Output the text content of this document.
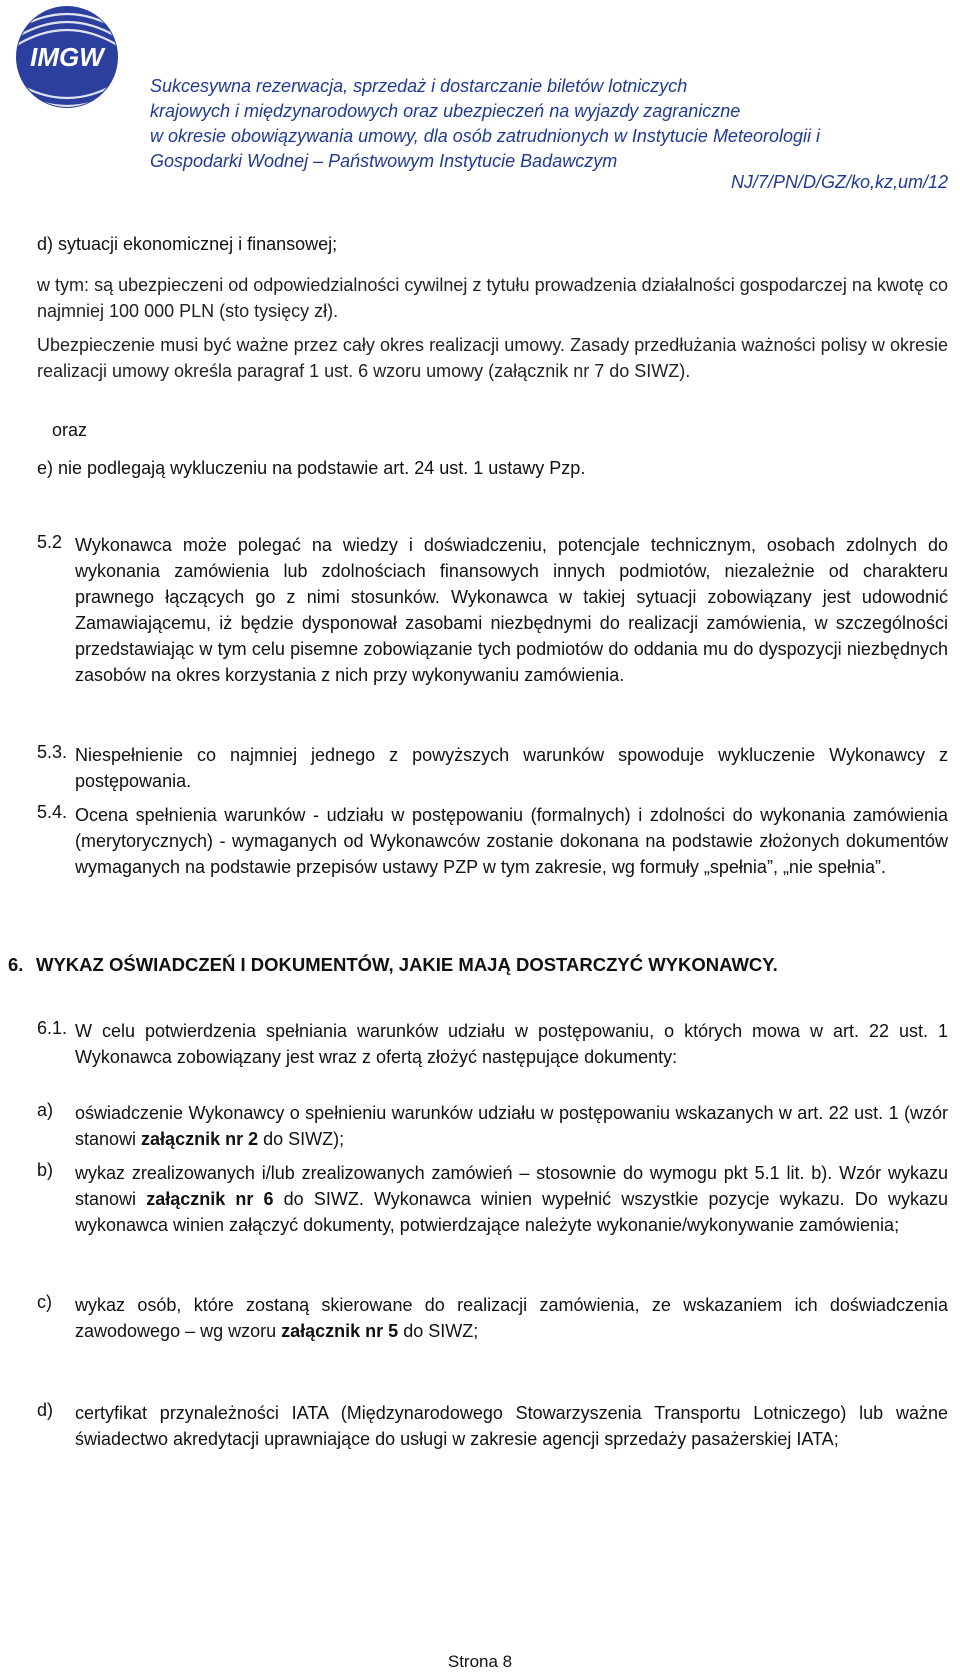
IMGW
Sukcesywna rezerwacja, sprzedaż i dostarczanie biletów lotniczych
krajowych i międzynarodowych oraz ubezpieczeń na wyjazdy zagraniczne
w okresie obowiązywania umowy, dla osób zatrudnionych w Instytucie Meteorologii i
Gospodarki Wodnej – Państwowym Instytucie Badawczym
NJ/7/PN/D/GZ/ko,kz,um/12
d) sytuacji ekonomicznej i finansowej;
w tym: są ubezpieczeni od odpowiedzialności cywilnej z tytułu prowadzenia działalności gospodarczej na kwotę co najmniej 100 000 PLN (sto tysięcy zł).
Ubezpieczenie musi być ważne przez cały okres realizacji umowy. Zasady przedłużania ważności polisy w okresie realizacji umowy określa paragraf 1 ust. 6 wzoru umowy (załącznik nr 7 do SIWZ).
oraz
e) nie podlegają wykluczeniu na podstawie art. 24 ust. 1 ustawy Pzp.
5.2 Wykonawca może polegać na wiedzy i doświadczeniu, potencjale technicznym, osobach zdolnych do wykonania zamówienia lub zdolnościach finansowych innych podmiotów, niezależnie od charakteru prawnego łączących go z nimi stosunków. Wykonawca w takiej sytuacji zobowiązany jest udowodnić Zamawiającemu, iż będzie dysponował zasobami niezbędnymi do realizacji zamówienia, w szczególności przedstawiając w tym celu pisemne zobowiązanie tych podmiotów do oddania mu do dyspozycji niezbędnych zasobów na okres korzystania z nich przy wykonywaniu zamówienia.
5.3. Niespełnienie co najmniej jednego z powyższych warunków spowoduje wykluczenie Wykonawcy z postępowania.
5.4. Ocena spełnienia warunków - udziału w postępowaniu (formalnych) i zdolności do wykonania zamówienia (merytorycznych) - wymaganych od Wykonawców zostanie dokonana na podstawie złożonych dokumentów wymaganych na podstawie przepisów ustawy PZP w tym zakresie, wg formuły „spełnia”, „nie spełnia”.
6. WYKAZ OŚWIADCZEŃ I DOKUMENTÓW, JAKIE MAJĄ DOSTARCZYĆ WYKONAWCY.
6.1. W celu potwierdzenia spełniania warunków udziału w postępowaniu, o których mowa w art. 22 ust. 1 Wykonawca zobowiązany jest wraz z ofertą złożyć następujące dokumenty:
a) oświadczenie Wykonawcy o spełnieniu warunków udziału w postępowaniu wskazanych w art. 22 ust. 1 (wzór stanowi załącznik nr 2 do SIWZ);
b) wykaz zrealizowanych i/lub zrealizowanych zamówień – stosownie do wymogu pkt 5.1 lit. b). Wzór wykazu stanowi załącznik nr 6 do SIWZ. Wykonawca winien wypełnić wszystkie pozycje wykazu. Do wykazu wykonawca winien załączyć dokumenty, potwierdzające należyte wykonanie/wykonywanie zamówienia;
c) wykaz osób, które zostaną skierowane do realizacji zamówienia, ze wskazaniem ich doświadczenia zawodowego – wg wzoru załącznik nr 5 do SIWZ;
d) certyfikat przynależności IATA (Międzynarodowego Stowarzyszenia Transportu Lotniczego) lub ważne świadectwo akredytacji uprawniające do usługi w zakresie agencji sprzedaży pasażerskiej IATA;
Strona 8
